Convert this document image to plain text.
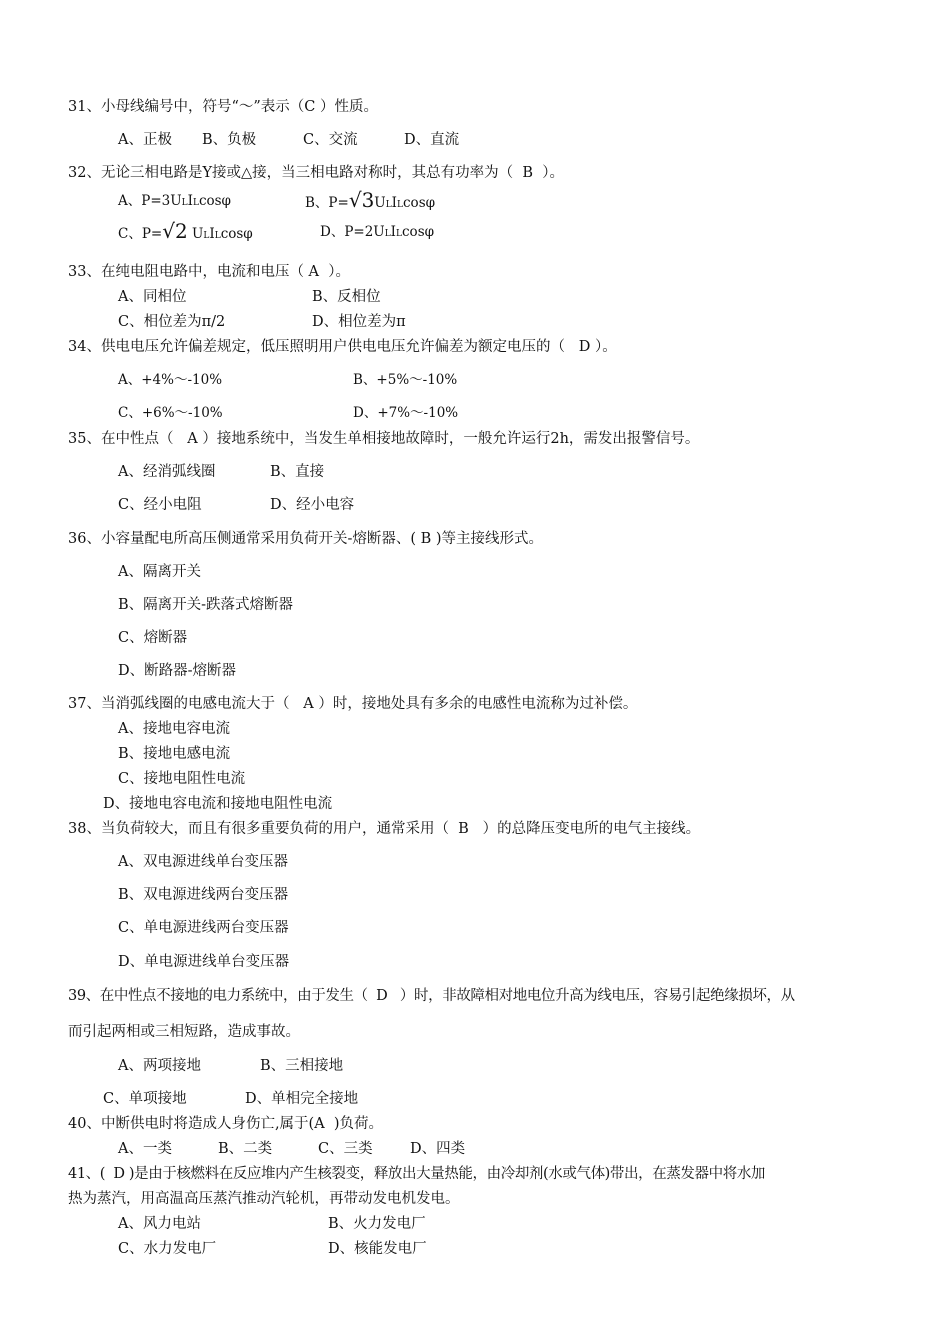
31、小母线编号中，符号“～”表示（C ）性质。
A、正极 B、负极	C、交流	D、直流
32、无论三相电路是Y接或△接，当三相电路对称时，其总有功率为（  B  ）。
A、P=3ULILcosφ	B、P=√3ULILcosφ
C、P=√2 ULILcosφ	D、P=2ULILcosφ
33、在纯电阻电路中，电流和电压（ A  ）。
A、同相位	B、反相位
C、相位差为π/2	D、相位差为π
34、供电电压允许偏差规定，低压照明用户供电电压允许偏差为额定电压的（   D ）。
A、+4%～-10%	B、+5%～-10%
C、+6%～-10%	D、+7%～-10%
35、在中性点（   A ）接地系统中，当发生单相接地故障时，一般允许运行2h，需发出报警信号。
A、经消弧线圈	B、直接
C、经小电阻	D、经小电容
36、小容量配电所高压侧通常采用负荷开关-熔断器、( B )等主接线形式。
A、隔离开关
B、隔离开关-跌落式熔断器
C、熔断器
D、断路器-熔断器
37、当消弧线圈的电感电流大于（   A ）时，接地处具有多余的电感性电流称为过补偿。
A、接地电容电流
B、接地电感电流
C、接地电阻性电流
D、接地电容电流和接地电阻性电流
38、当负荷较大，而且有很多重要负荷的用户，通常采用（  B   ）的总降压变电所的电气主接线。
A、双电源进线单台变压器
B、双电源进线两台变压器
C、单电源进线两台变压器
D、单电源进线单台变压器
39、在中性点不接地的电力系统中，由于发生（  D   ）时，非故障相对地电位升高为线电压，容易引起绝缘损坏，从
而引起两相或三相短路，造成事故。
A、两项接地	B、三相接地
C、单项接地	D、单相完全接地
40、中断供电时将造成人身伤亡,属于(A  )负荷。
A、一类	B、二类	C、三类	D、四类
41、(  D )是由于核燃料在反应堆内产生核裂变，释放出大量热能，由冷却剂(水或气体)带出，在蒸发器中将水加
热为蒸汽，用高温高压蒸汽推动汽轮机，再带动发电机发电。
A、风力电站	B、火力发电厂
C、水力发电厂	D、核能发电厂
